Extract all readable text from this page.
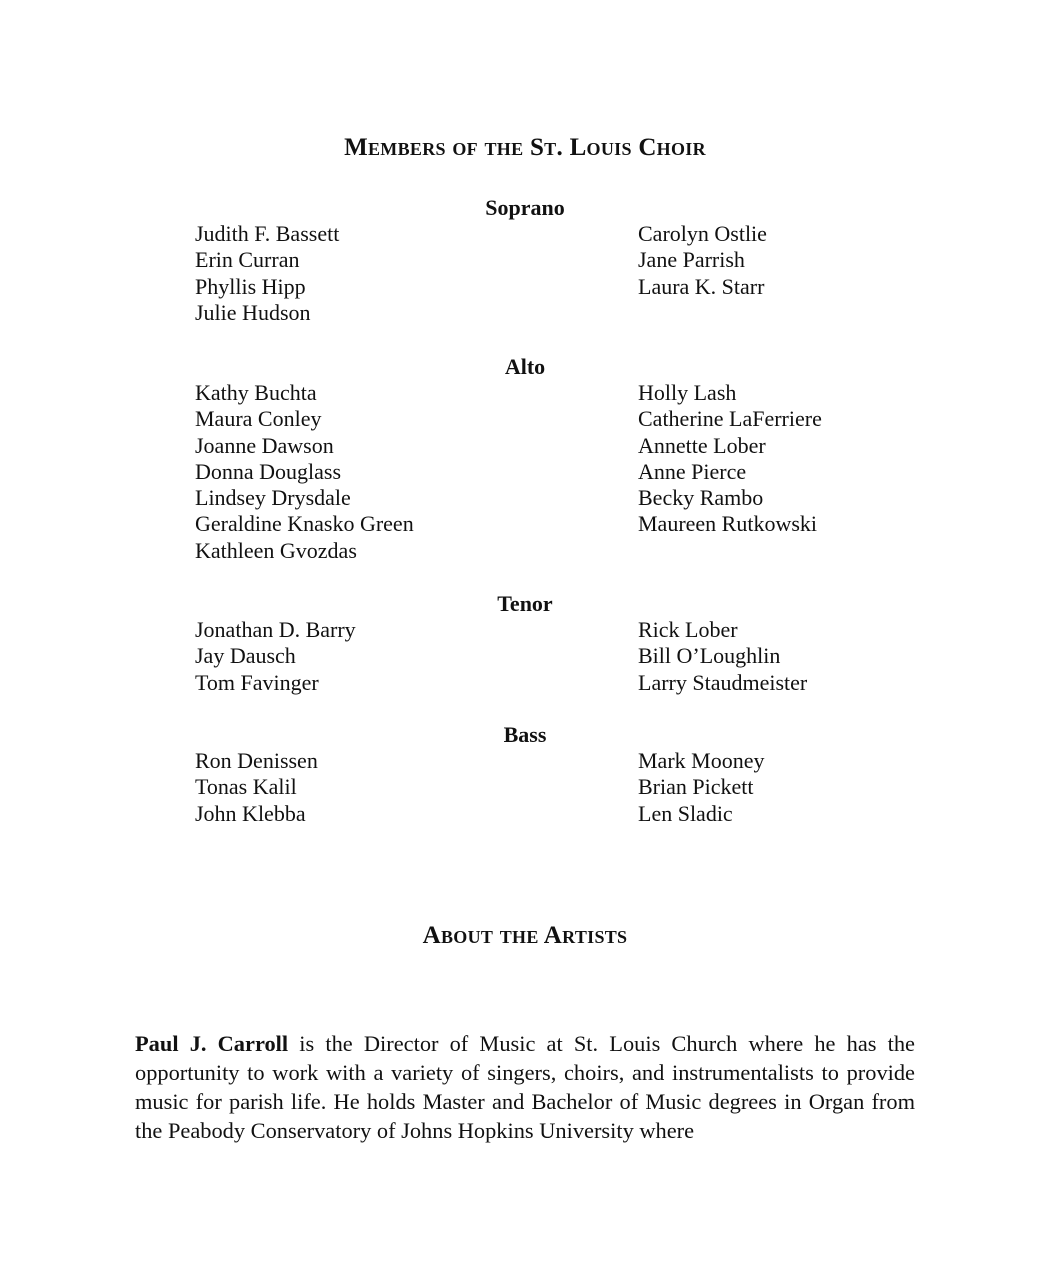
Members of the St. Louis Choir
Soprano
Judith F. Bassett
Erin Curran
Phyllis Hipp
Julie Hudson
Carolyn Ostlie
Jane Parrish
Laura K. Starr
Alto
Kathy Buchta
Maura Conley
Joanne Dawson
Donna Douglass
Lindsey Drysdale
Geraldine Knasko Green
Kathleen Gvozdas
Holly Lash
Catherine LaFerriere
Annette Lober
Anne Pierce
Becky Rambo
Maureen Rutkowski
Tenor
Jonathan D. Barry
Jay Dausch
Tom Favinger
Rick Lober
Bill O’Loughlin
Larry Staudmeister
Bass
Ron Denissen
Tonas Kalil
John Klebba
Mark Mooney
Brian Pickett
Len Sladic
About the Artists

Paul J. Carroll is the Director of Music at St. Louis Church where he has the opportunity to work with a variety of singers, choirs, and instrumentalists to provide music for parish life. He holds Master and Bachelor of Music degrees in Organ from the Peabody Conservatory of Johns Hopkins University where
